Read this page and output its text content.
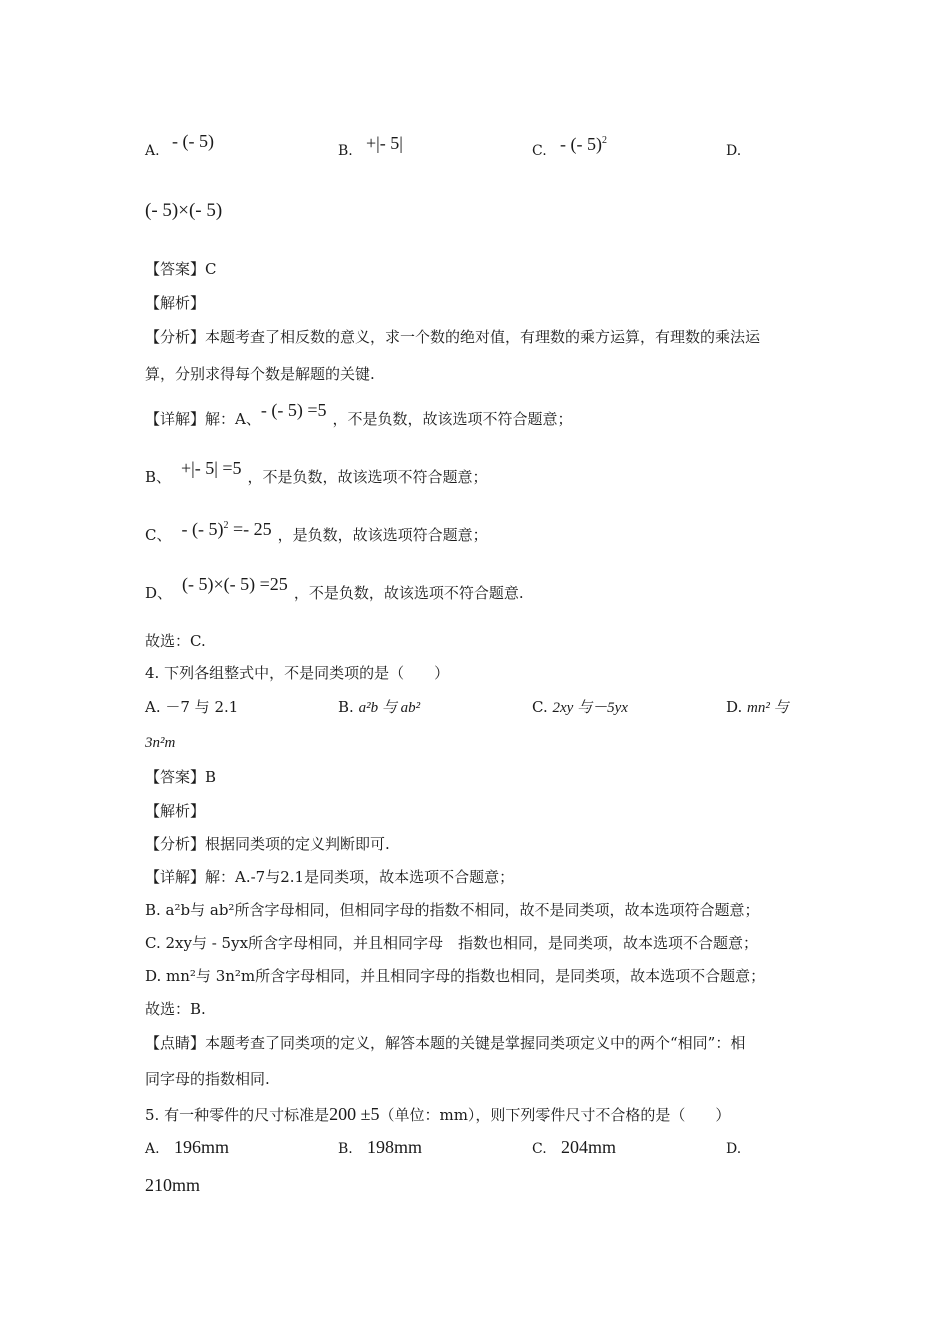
A. - (- 5)	B. +|- 5|	C. - (- 5)$^2$
D.
(- 5)×(- 5)
【答案】C
【解析】
【分析】本题考查了相反数的意义，求一个数的绝对值，有理数的乘方运算，有理数的乘法运
算，分别求得每个数是解题的关键.
【详解】解：A、- (- 5) =5 ，不是负数，故该选项不符合题意；
B、 +|- 5| =5 ，不是负数，故该选项不符合题意；
C、 - (- 5)$^2$ =- 25 ，是负数，故该选项符合题意；
D、 (- 5)×(- 5) =25 ，不是负数，故该选项不符合题意.
故选：C.
4. 下列各组整式中，不是同类项的是（　　）
A. －7 与 2.1	B. a²b 与 ab²	C. 2xy 与－5yx	D. mn² 与
3n²m
【答案】B
【解析】
【分析】根据同类项的定义判断即可.
【详解】解：A.-7与2.1是同类项，故本选项不合题意；
B. a²b与 ab²所含字母相同，但相同字母的指数不相同，故不是同类项，故本选项符合题意；
C. 2xy与 - 5yx所含字母相同，并且相同字母　指数也相同，是同类项，故本选项不合题意；
D. mn²与 3n²m所含字母相同，并且相同字母的指数也相同，是同类项，故本选项不合题意；
故选：B.
【点睛】本题考查了同类项的定义，解答本题的关键是掌握同类项定义中的两个“相同”：相
同字母的指数相同.
5. 有一种零件的尺寸标准是200 ±5（单位：mm），则下列零件尺寸不合格的是（　　）
A. 196mm	B. 198mm	C. 204mm	D.
210mm
